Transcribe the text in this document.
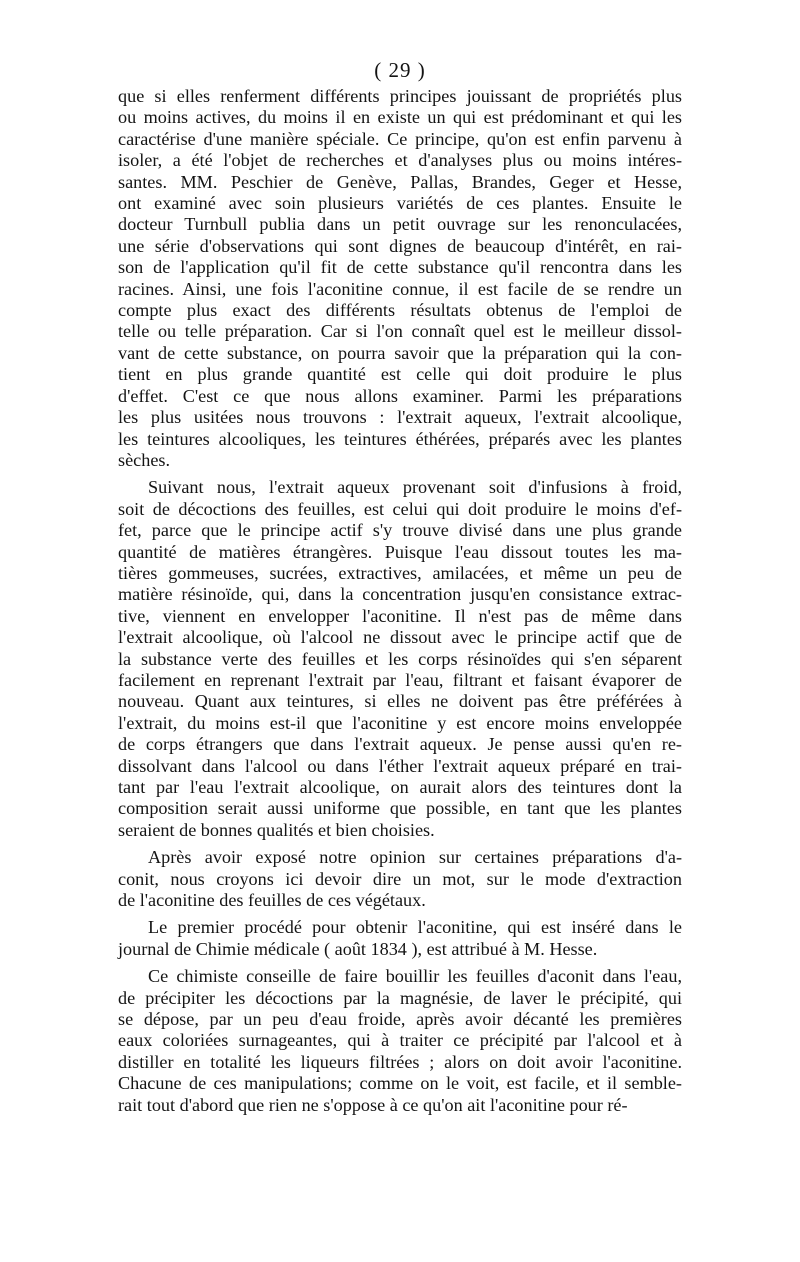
( 29 )
que si elles renferment différents principes jouissant de propriétés plus
ou moins actives, du moins il en existe un qui est prédominant et qui les
caractérise d'une manière spéciale. Ce principe, qu'on est enfin parvenu à
isoler, a été l'objet de recherches et d'analyses plus ou moins intéres-
santes. MM. Peschier de Genève, Pallas, Brandes, Geger et Hesse,
ont examiné avec soin plusieurs variétés de ces plantes. Ensuite le
docteur Turnbull publia dans un petit ouvrage sur les renonculacées,
une série d'observations qui sont dignes de beaucoup d'intérêt, en rai-
son de l'application qu'il fit de cette substance qu'il rencontra dans les
racines. Ainsi, une fois l'aconitine connue, il est facile de se rendre un
compte plus exact des différents résultats obtenus de l'emploi de
telle ou telle préparation. Car si l'on connaît quel est le meilleur dissol-
vant de cette substance, on pourra savoir que la préparation qui la con-
tient en plus grande quantité est celle qui doit produire le plus
d'effet. C'est ce que nous allons examiner. Parmi les préparations
les plus usitées nous trouvons : l'extrait aqueux, l'extrait alcoolique,
les teintures alcooliques, les teintures éthérées, préparés avec les plantes
sèches.
Suivant nous, l'extrait aqueux provenant soit d'infusions à froid,
soit de décoctions des feuilles, est celui qui doit produire le moins d'ef-
fet, parce que le principe actif s'y trouve divisé dans une plus grande
quantité de matières étrangères. Puisque l'eau dissout toutes les ma-
tières gommeuses, sucrées, extractives, amilacées, et même un peu de
matière résinoïde, qui, dans la concentration jusqu'en consistance extrac-
tive, viennent en envelopper l'aconitine. Il n'est pas de même dans
l'extrait alcoolique, où l'alcool ne dissout avec le principe actif que de
la substance verte des feuilles et les corps résinoïdes qui s'en séparent
facilement en reprenant l'extrait par l'eau, filtrant et faisant évaporer de
nouveau. Quant aux teintures, si elles ne doivent pas être préférées à
l'extrait, du moins est-il que l'aconitine y est encore moins enveloppée
de corps étrangers que dans l'extrait aqueux. Je pense aussi qu'en re-
dissolvant dans l'alcool ou dans l'éther l'extrait aqueux préparé en trai-
tant par l'eau l'extrait alcoolique, on aurait alors des teintures dont la
composition serait aussi uniforme que possible, en tant que les plantes
seraient de bonnes qualités et bien choisies.
Après avoir exposé notre opinion sur certaines préparations d'a-
conit, nous croyons ici devoir dire un mot, sur le mode d'extraction
de l'aconitine des feuilles de ces végétaux.
Le premier procédé pour obtenir l'aconitine, qui est inséré dans le
journal de Chimie médicale ( août 1834 ), est attribué à M. Hesse.
Ce chimiste conseille de faire bouillir les feuilles d'aconit dans l'eau,
de précipiter les décoctions par la magnésie, de laver le précipité, qui
se dépose, par un peu d'eau froide, après avoir décanté les premières
eaux coloriées surnageantes, qui à traiter ce précipité par l'alcool et à
distiller en totalité les liqueurs filtrées ; alors on doit avoir l'aconitine.
Chacune de ces manipulations; comme on le voit, est facile, et il semble-
rait tout d'abord que rien ne s'oppose à ce qu'on ait l'aconitine pour ré-
